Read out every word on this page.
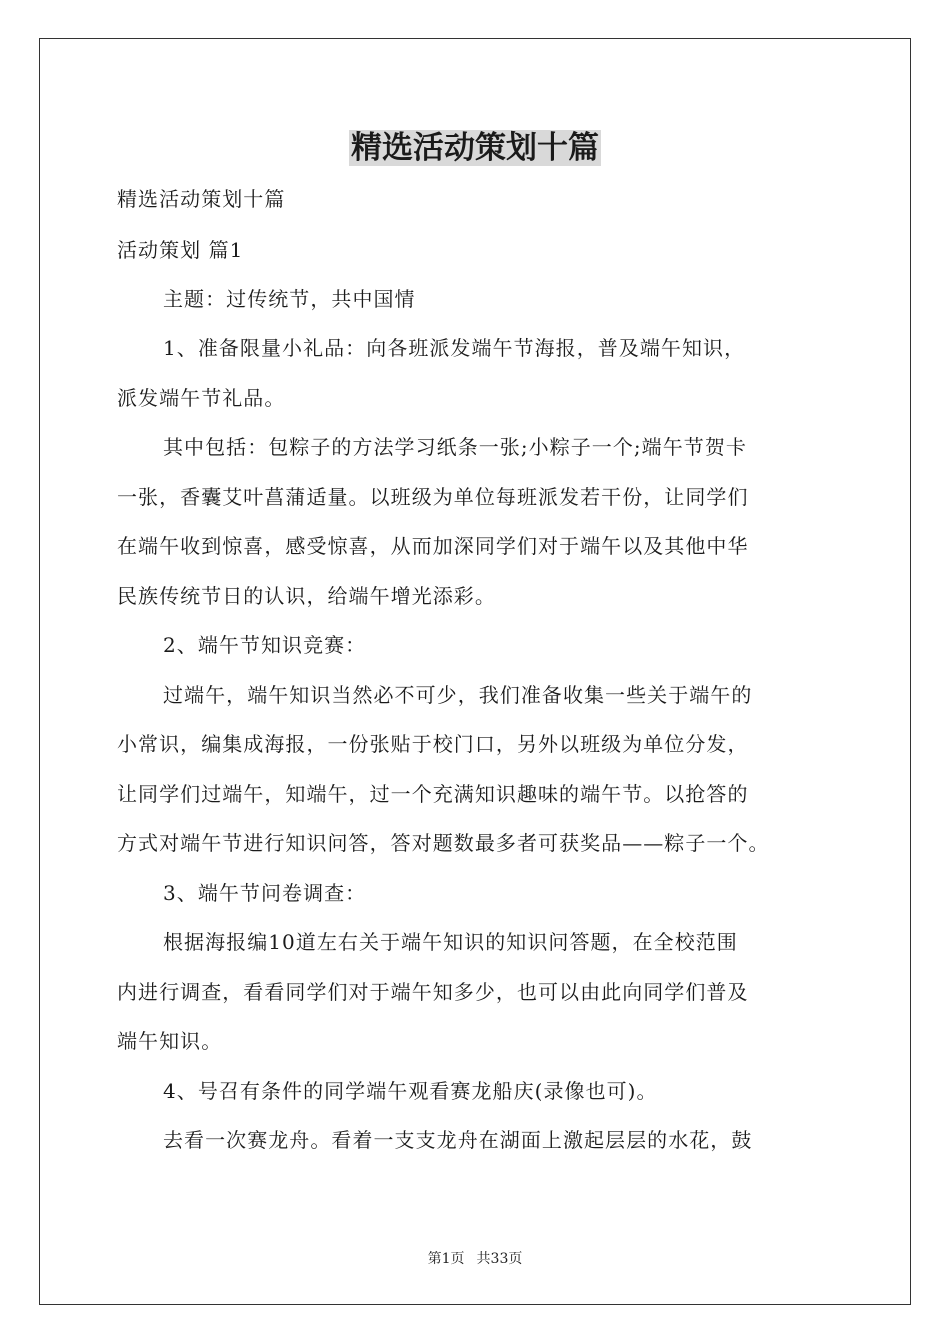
精选活动策划十篇
精选活动策划十篇
活动策划 篇1
主题：过传统节，共中国情
1、准备限量小礼品：向各班派发端午节海报，普及端午知识，
派发端午节礼品。
其中包括：包粽子的方法学习纸条一张;小粽子一个;端午节贺卡
一张，香囊艾叶菖蒲适量。以班级为单位每班派发若干份，让同学们
在端午收到惊喜，感受惊喜，从而加深同学们对于端午以及其他中华
民族传统节日的认识，给端午增光添彩。
2、端午节知识竞赛：
过端午，端午知识当然必不可少，我们准备收集一些关于端午的
小常识，编集成海报，一份张贴于校门口，另外以班级为单位分发，
让同学们过端午，知端午，过一个充满知识趣味的端午节。以抢答的
方式对端午节进行知识问答，答对题数最多者可获奖品——粽子一个。
3、端午节问卷调查：
根据海报编10道左右关于端午知识的知识问答题，在全校范围
内进行调查，看看同学们对于端午知多少，也可以由此向同学们普及
端午知识。
4、号召有条件的同学端午观看赛龙船庆(录像也可)。
去看一次赛龙舟。看着一支支龙舟在湖面上激起层层的水花，鼓
第1页 共33页
